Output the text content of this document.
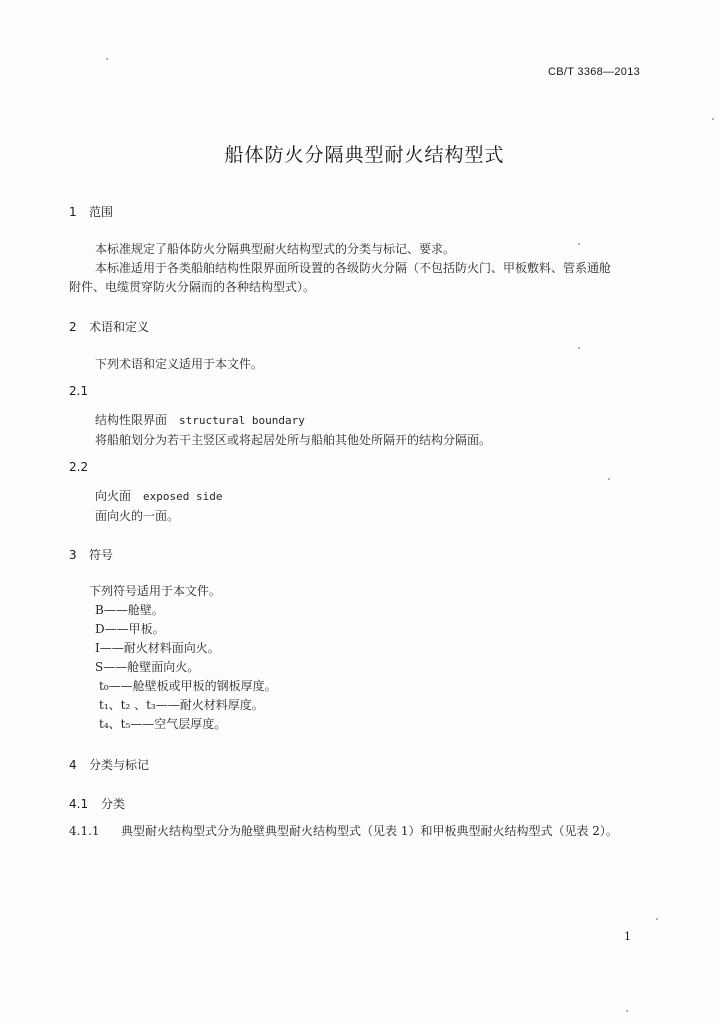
CB/T 3368—2013
船体防火分隔典型耐火结构型式
1 范围
本标准规定了船体防火分隔典型耐火结构型式的分类与标记、要求。
本标准适用于各类船舶结构性限界面所设置的各级防火分隔（不包括防火门、甲板敷料、管系通舱
附件、电缆贯穿防火分隔而的各种结构型式）。
2 术语和定义
下列术语和定义适用于本文件。
2.1
结构性限界面 structural boundary
将船舶划分为若干主竖区或将起居处所与船舶其他处所隔开的结构分隔面。
2.2
向火面 exposed side
面向火的一面。
3 符号
下列符号适用于本文件。
B——舱壁。
D——甲板。
I——耐火材料面向火。
S——舱壁面向火。
t₀——舱壁板或甲板的钢板厚度。
t₁、t₂ 、t₃——耐火材料厚度。
t₄、t₅——空气层厚度。
4 分类与标记
4.1 分类
4.1.1 典型耐火结构型式分为舱壁典型耐火结构型式（见表 1）和甲板典型耐火结构型式（见表 2）。
1
